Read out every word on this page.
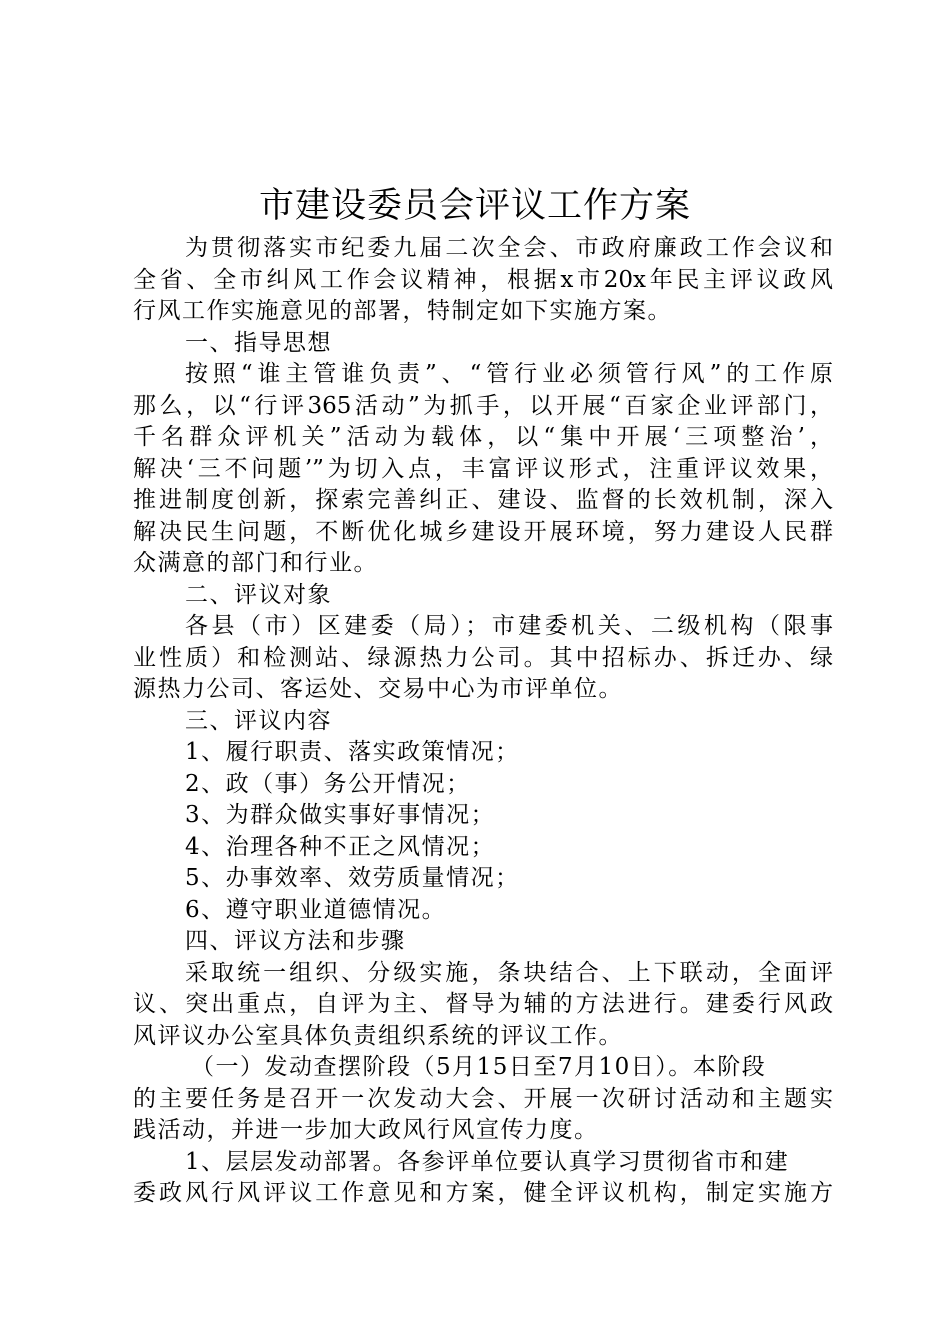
市建设委员会评议工作方案
为贯彻落实市纪委九届二次全会、市政府廉政工作会议和
全省、全市纠风工作会议精神，根据x市20x年民主评议政风
行风工作实施意见的部署，特制定如下实施方案。
一、指导思想
按照“谁主管谁负责”、“管行业必须管行风”的工作原
那么，以“行评365活动”为抓手，以开展“百家企业评部门，
千名群众评机关”活动为载体，以“集中开展‘三项整治’，
解决‘三不问题’”为切入点，丰富评议形式，注重评议效果，
推进制度创新，探索完善纠正、建设、监督的长效机制，深入
解决民生问题，不断优化城乡建设开展环境，努力建设人民群
众满意的部门和行业。
二、评议对象
各县（市）区建委（局）；市建委机关、二级机构（限事
业性质）和检测站、绿源热力公司。其中招标办、拆迁办、绿
源热力公司、客运处、交易中心为市评单位。
三、评议内容
1、履行职责、落实政策情况；
2、政（事）务公开情况；
3、为群众做实事好事情况；
4、治理各种不正之风情况；
5、办事效率、效劳质量情况；
6、遵守职业道德情况。
四、评议方法和步骤
采取统一组织、分级实施，条块结合、上下联动，全面评
议、突出重点，自评为主、督导为辅的方法进行。建委行风政
风评议办公室具体负责组织系统的评议工作。
（一）发动查摆阶段（5月15日至7月10日）。本阶段
的主要任务是召开一次发动大会、开展一次研讨活动和主题实
践活动，并进一步加大政风行风宣传力度。
1、层层发动部署。各参评单位要认真学习贯彻省市和建
委政风行风评议工作意见和方案，健全评议机构，制定实施方
